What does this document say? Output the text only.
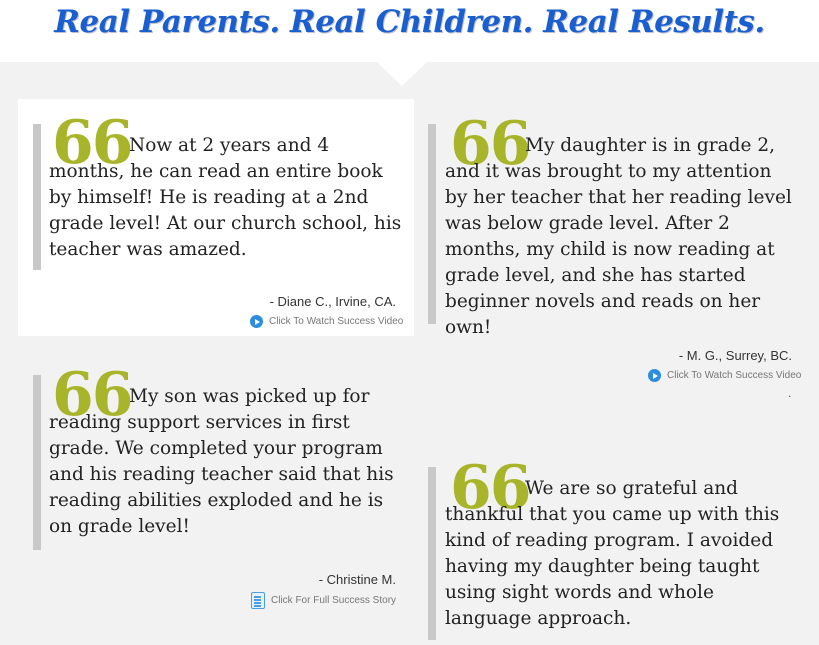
Real Parents. Real Children. Real Results.
66
Now at 2 years and 4 months, he can read an entire book by himself! He is reading at a 2nd grade level! At our church school, his teacher was amazed.
- Diane C., Irvine, CA.
Click To Watch Success Video
66
My daughter is in grade 2, and it was brought to my attention by her teacher that her reading level was below grade level. After 2 months, my child is now reading at grade level, and she has started beginner novels and reads on her own!
- M. G., Surrey, BC.
Click To Watch Success Video
.
66
My son was picked up for reading support services in first grade. We completed your program and his reading teacher said that his reading abilities exploded and he is on grade level!
- Christine M.
Click For Full Success Story
66
We are so grateful and thankful that you came up with this kind of reading program. I avoided having my daughter being taught using sight words and whole language approach.
